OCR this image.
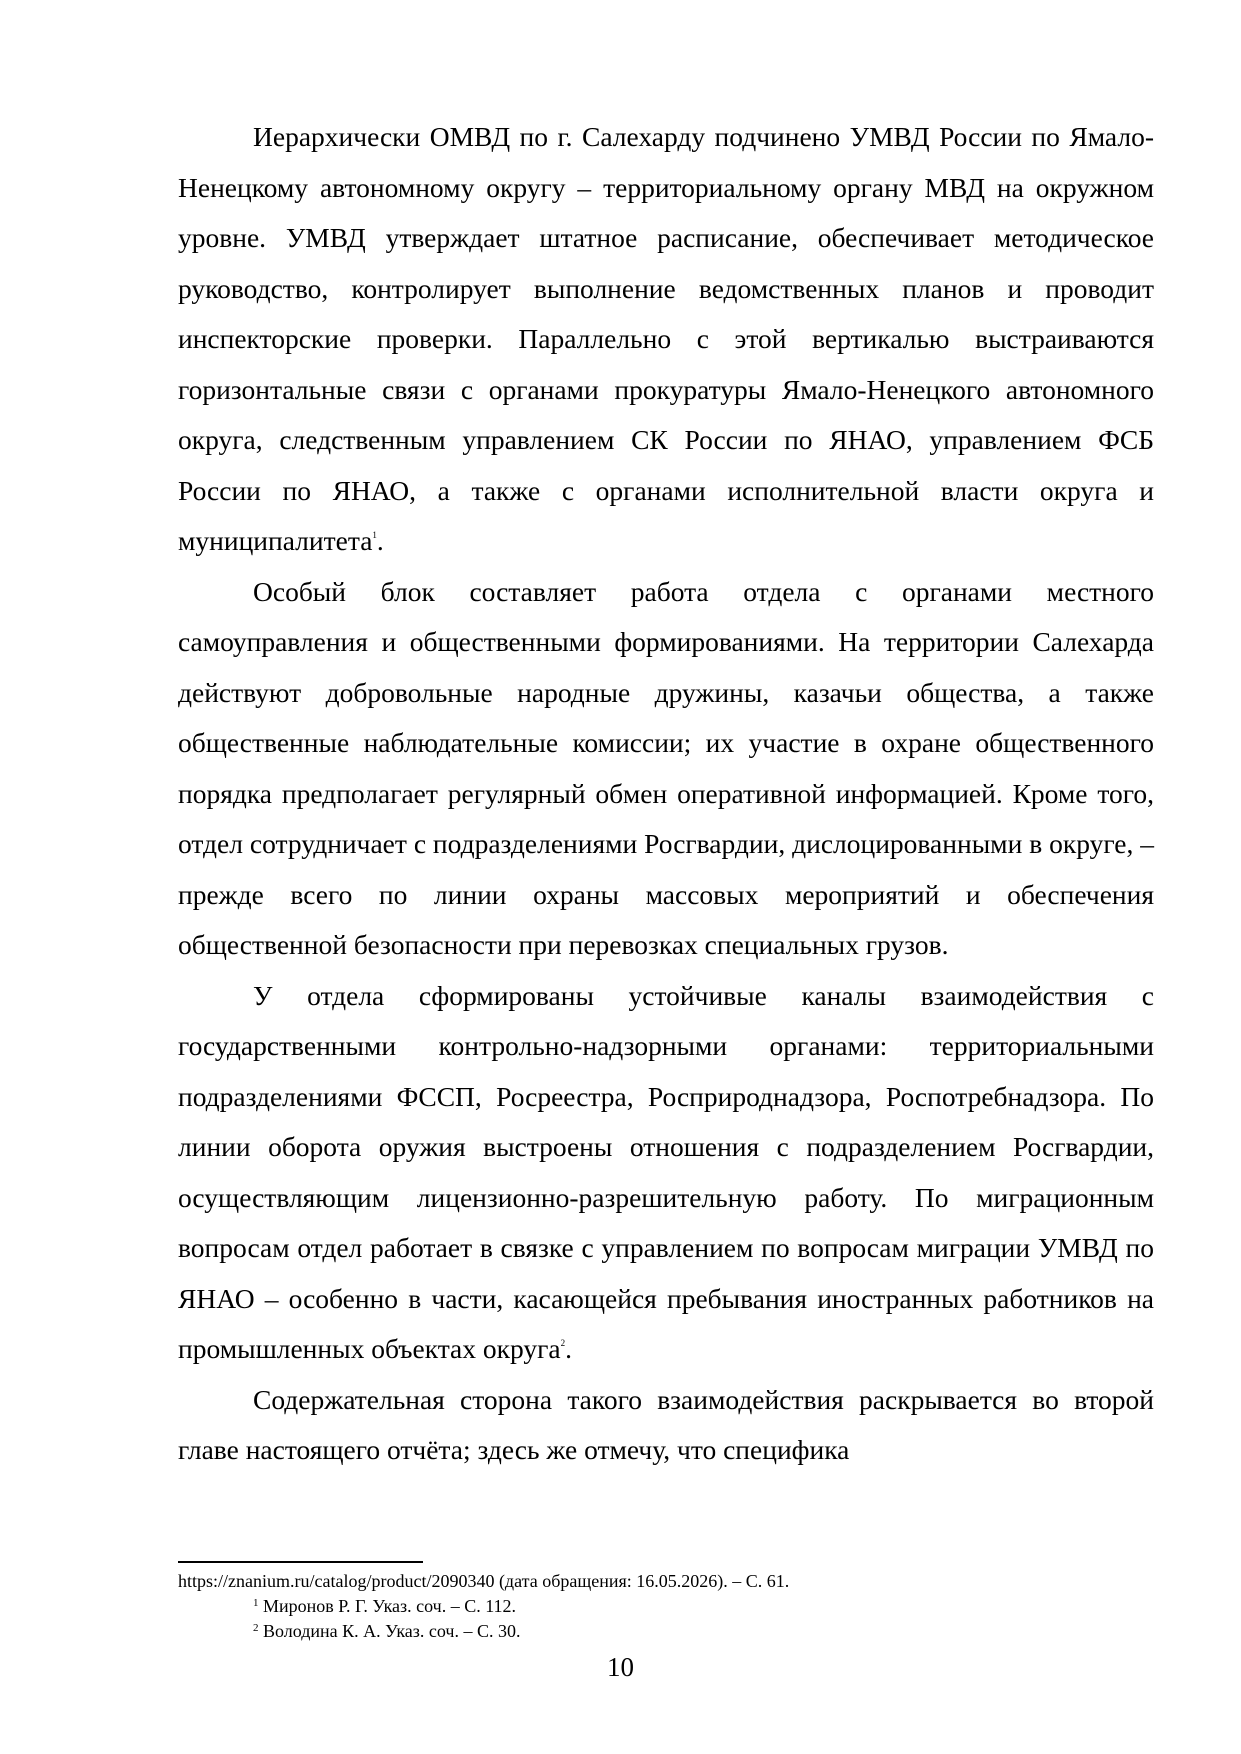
Иерархически ОМВД по г. Салехарду подчинено УМВД России по Ямало-Ненецкому автономному округу – территориальному органу МВД на окружном уровне. УМВД утверждает штатное расписание, обеспечивает методическое руководство, контролирует выполнение ведомственных планов и проводит инспекторские проверки. Параллельно с этой вертикалью выстраиваются горизонтальные связи с органами прокуратуры Ямало-Ненецкого автономного округа, следственным управлением СК России по ЯНАО, управлением ФСБ России по ЯНАО, а также с органами исполнительной власти округа и муниципалитета$^1$.

Особый блок составляет работа отдела с органами местного самоуправления и общественными формированиями. На территории Салехарда действуют добровольные народные дружины, казачьи общества, а также общественные наблюдательные комиссии; их участие в охране общественного порядка предполагает регулярный обмен оперативной информацией. Кроме того, отдел сотрудничает с подразделениями Росгвардии, дислоцированными в округе, – прежде всего по линии охраны массовых мероприятий и обеспечения общественной безопасности при перевозках специальных грузов.

У отдела сформированы устойчивые каналы взаимодействия с государственными контрольно-надзорными органами: территориальными подразделениями ФССП, Росреестра, Росприроднадзора, Роспотребнадзора. По линии оборота оружия выстроены отношения с подразделением Росгвардии, осуществляющим лицензионно-разрешительную работу. По миграционным вопросам отдел работает в связке с управлением по вопросам миграции УМВД по ЯНАО – особенно в части, касающейся пребывания иностранных работников на промышленных объектах округа$^2$.

Содержательная сторона такого взаимодействия раскрывается во второй главе настоящего отчёта; здесь же отмечу, что специфика

https://znanium.ru/catalog/product/2090340 (дата обращения: 16.05.2026). – С. 61.

$^1$ Миронов Р. Г. Указ. соч. – С. 112.

$^2$ Володина К. А. Указ. соч. – С. 30.

10
